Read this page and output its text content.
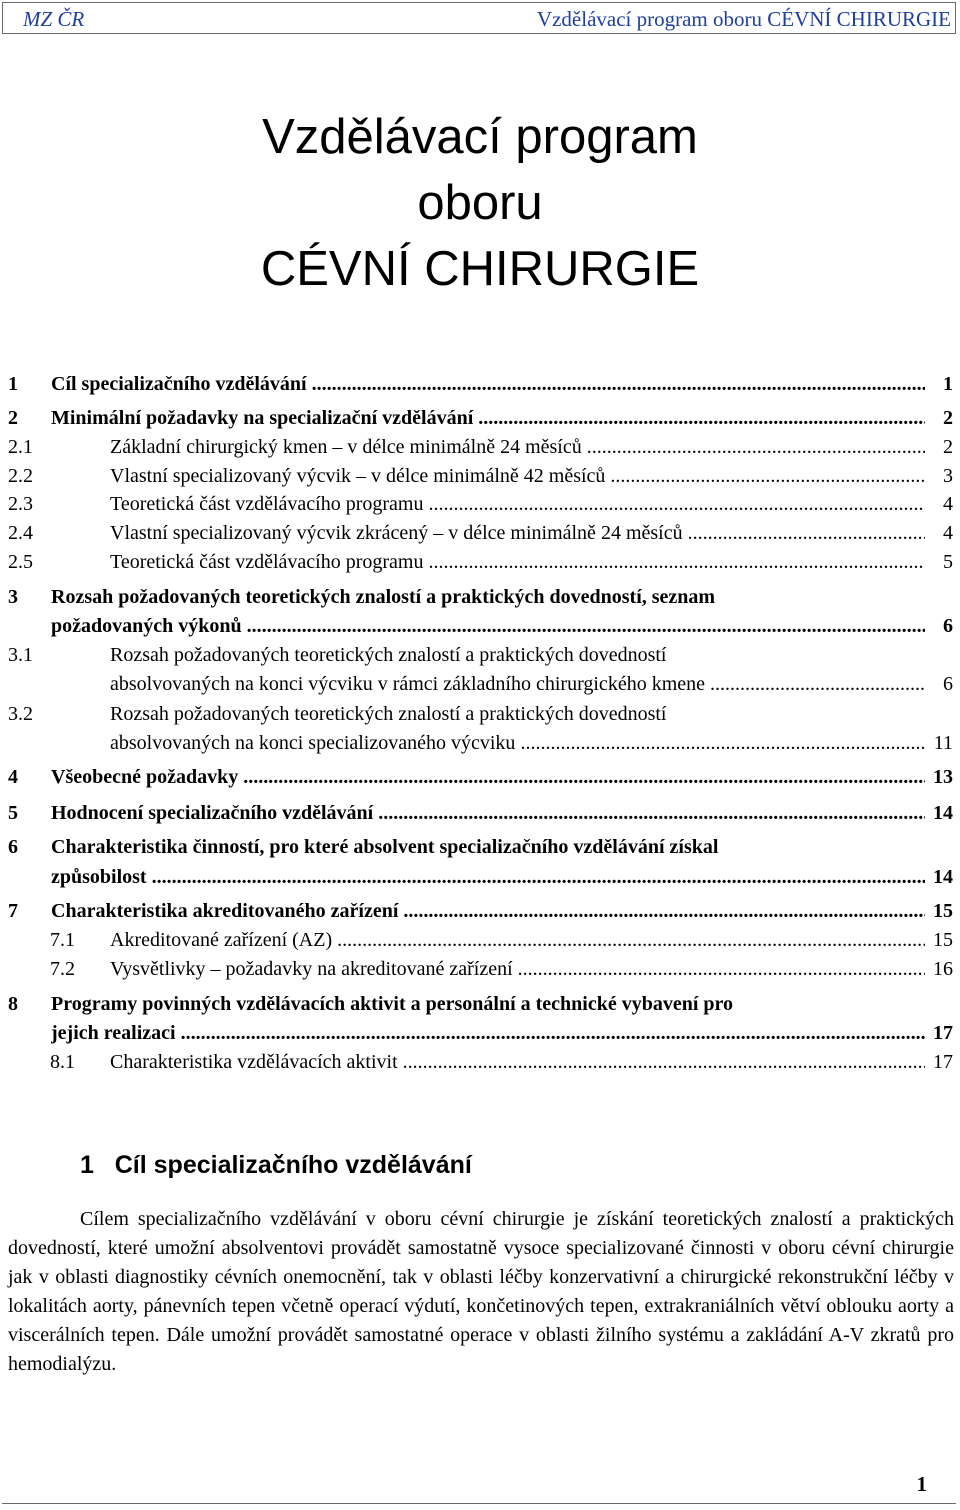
MZ ČR	Vzdělávací program oboru CÉVNÍ CHIRURGIE
Vzdělávací program
oboru
CÉVNÍ CHIRURGIE
1 Cíl specializačního vzdělávání .....	1
2 Minimální požadavky na specializační vzdělávání .....	2
2.1	Základní chirurgický kmen – v délce minimálně 24 měsíců .....	2
2.2	Vlastní specializovaný výcvik – v délce minimálně 42 měsíců .....	3
2.3	Teoretická část vzdělávacího programu .....	4
2.4	Vlastní specializovaný výcvik zkrácený – v délce minimálně 24 měsíců .....	4
2.5	Teoretická část vzdělávacího programu .....	5
3 Rozsah požadovaných teoretických znalostí a praktických dovedností, seznam
požadovaných výkonů .....	6
3.1	Rozsah požadovaných teoretických znalostí a praktických dovedností
absolvovaných na konci výcviku v rámci základního chirurgického kmene .....	6
3.2	Rozsah požadovaných teoretických znalostí a praktických dovedností
absolvovaných na konci specializovaného výcviku .....	11
4 Všeobecné požadavky .....	13
5 Hodnocení specializačního vzdělávání .....	14
6 Charakteristika činností, pro které absolvent specializačního vzdělávání získal
způsobilost .....	14
7 Charakteristika akreditovaného zařízení .....	15
7.1 Akreditované zařízení (AZ) .....	15
7.2 Vysvětlivky – požadavky na akreditované zařízení .....	16
8 Programy povinných vzdělávacích aktivit a personální a technické vybavení pro
jejich realizaci .....	17
8.1 Charakteristika vzdělávacích aktivit .....	17
1 Cíl specializačního vzdělávání
Cílem specializačního vzdělávání v oboru cévní chirurgie je získání teoretických znalostí a praktických dovedností, které umožní absolventovi provádět samostatně vysoce specializované činnosti v oboru cévní chirurgie jak v oblasti diagnostiky cévních onemocnění, tak v oblasti léčby konzervativní a chirurgické rekonstrukční léčby v lokalitách aorty, pánevních tepen včetně operací výdutí, končetinových tepen, extrakraniálních větví oblouku aorty a viscerálních tepen. Dále umožní provádět samostatné operace v oblasti žilního systému a zakládání A-V zkratů pro hemodialýzu.
1
